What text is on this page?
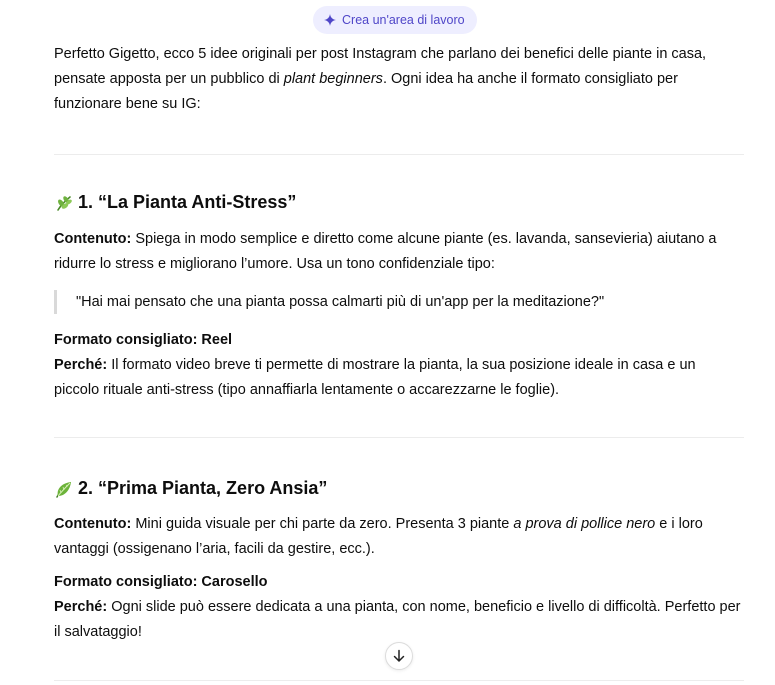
Crea un'area di lavoro

Perfetto Gigetto, ecco 5 idee originali per post Instagram che parlano dei benefici delle piante in casa, pensate apposta per un pubblico di plant beginners. Ogni idea ha anche il formato consigliato per funzionare bene su IG:

1. “La Pianta Anti-Stress”

Contenuto: Spiega in modo semplice e diretto come alcune piante (es. lavanda, sansevieria) aiutano a ridurre lo stress e migliorano l’umore. Usa un tono confidenziale tipo:

"Hai mai pensato che una pianta possa calmarti più di un'app per la meditazione?"

Formato consigliato: Reel

Perché: Il formato video breve ti permette di mostrare la pianta, la sua posizione ideale in casa e un piccolo rituale anti-stress (tipo annaffiarla lentamente o accarezzarne le foglie).

2. “Prima Pianta, Zero Ansia”

Contenuto: Mini guida visuale per chi parte da zero. Presenta 3 piante a prova di pollice nero e i loro vantaggi (ossigenano l’aria, facili da gestire, ecc.).

Formato consigliato: Carosello

Perché: Ogni slide può essere dedicata a una pianta, con nome, beneficio e livello di difficoltà. Perfetto per il salvataggio!
